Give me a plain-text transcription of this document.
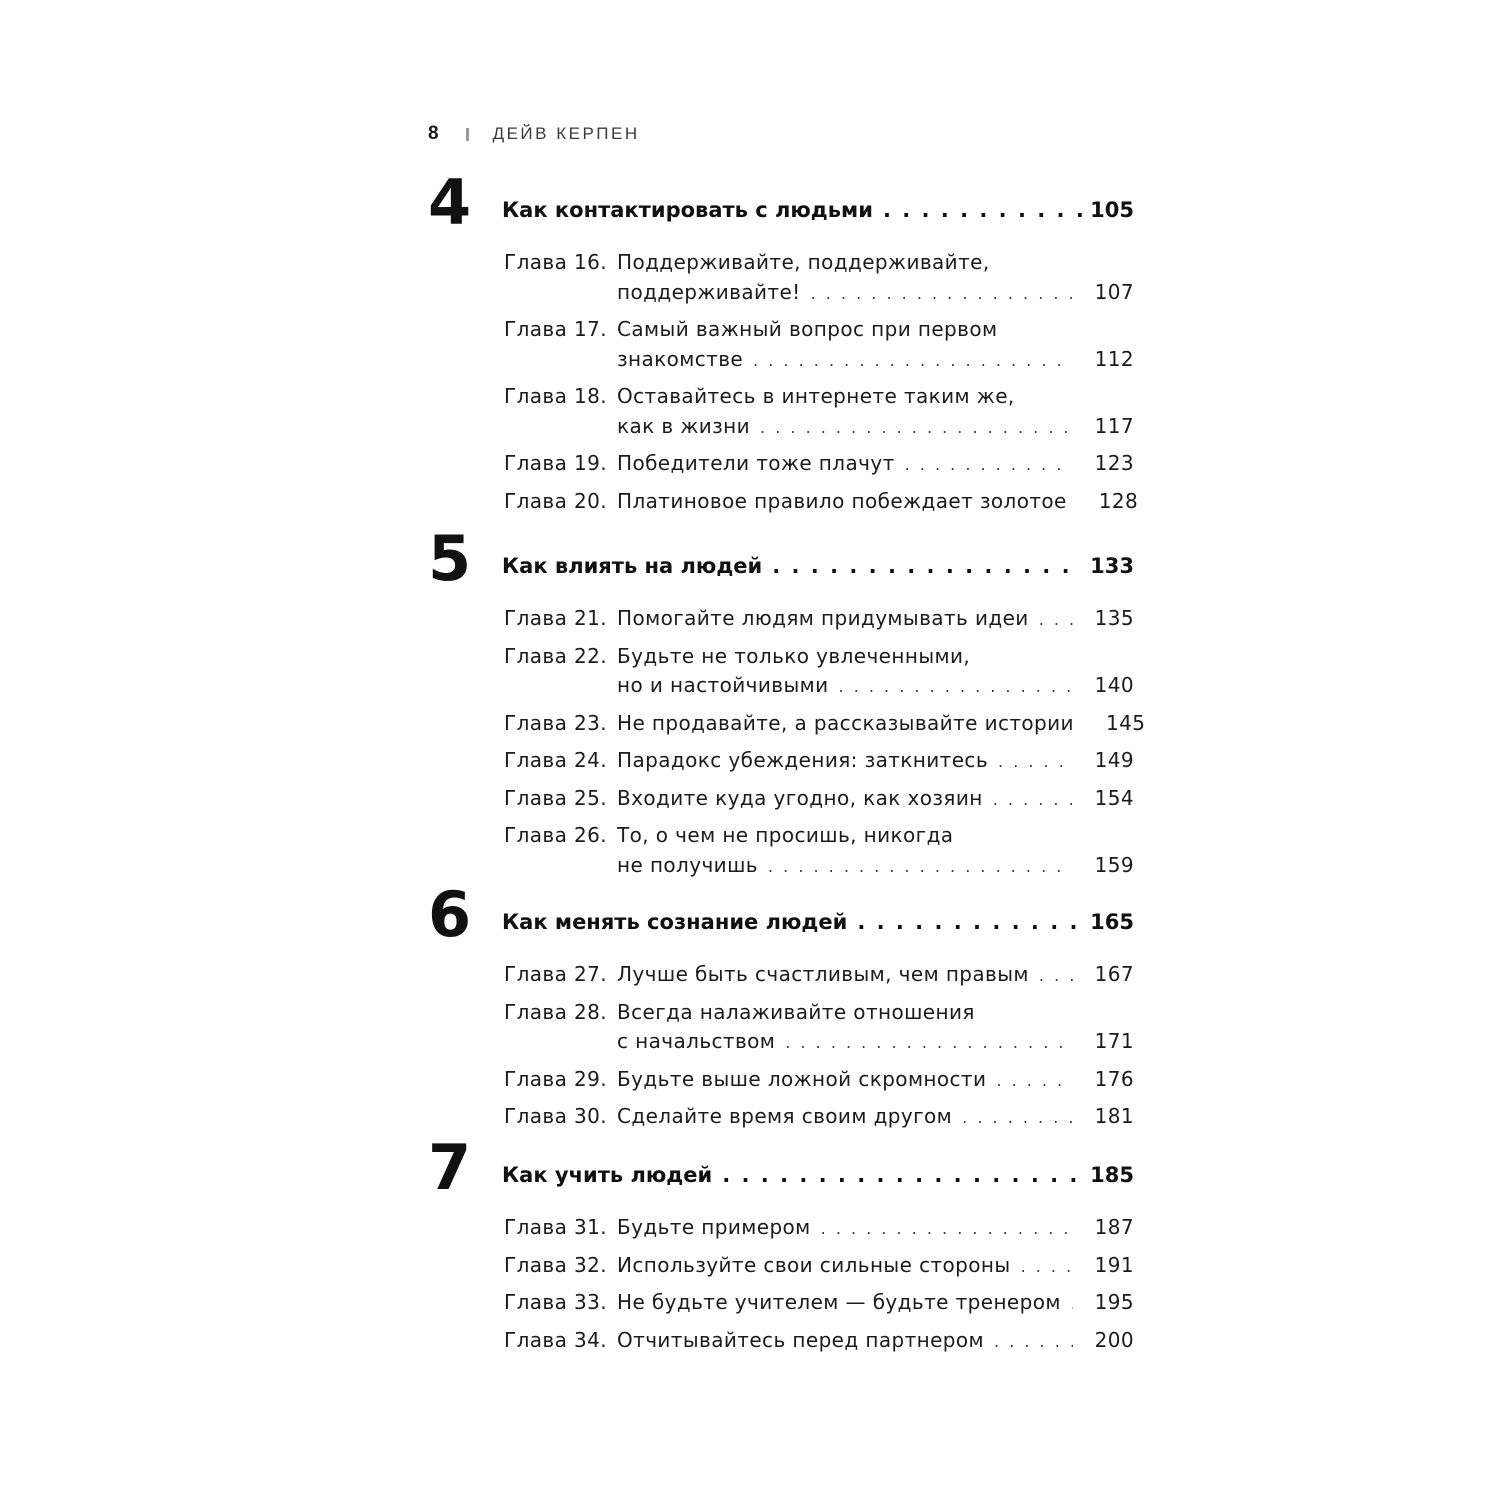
8	ДЕЙВ КЕРПЕН
4 Как контактировать с людьми . . .	105
Глава 16. Поддерживайте, поддерживайте,
поддерживайте! . . .	107
Глава 17. Самый важный вопрос при первом
знакомстве . . .	112
Глава 18. Оставайтесь в интернете таким же,
как в жизни . . .	117
Глава 19. Победители тоже плачут . . .	123
Глава 20. Платиновое правило побеждает золотое 128
5 Как влиять на людей . . .	133
Глава 21. Помогайте людям придумывать идеи . . .	135
Глава 22. Будьте не только увлеченными,
но и настойчивыми . . .	140
Глава 23. Не продавайте, а рассказывайте истории 145
Глава 24. Парадокс убеждения: заткнитесь . . .	149
Глава 25. Входите куда угодно, как хозяин . . .	154
Глава 26. То, о чем не просишь, никогда
не получишь . . .	159
6 Как менять сознание людей . . .	165
Глава 27. Лучше быть счастливым, чем правым . . .	167
Глава 28. Всегда налаживайте отношения
с начальством . . .	171
Глава 29. Будьте выше ложной скромности . . .	176
Глава 30. Сделайте время своим другом . . .	181
7 Как учить людей . . .	185
Глава 31. Будьте примером . . .	187
Глава 32. Используйте свои сильные стороны . . .	191
Глава 33. Не будьте учителем — будьте тренером . . . 195
Глава 34. Отчитывайтесь перед партнером . . .	200
